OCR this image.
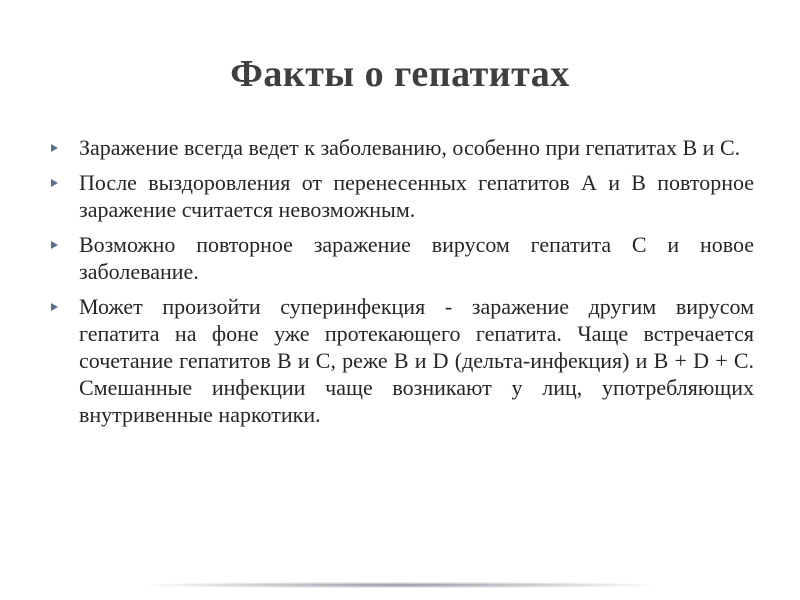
Факты о гепатитах
Заражение всегда ведет к заболеванию, особенно при гепатитах В и С.
После выздоровления от перенесенных гепатитов А и В повторное заражение считается невозможным.
Возможно повторное заражение вирусом гепатита С и новое заболевание.
Может произойти суперинфекция - заражение другим вирусом гепатита на фоне уже протекающего гепатита. Чаще встречается сочетание гепатитов В и С, реже В и D (дельта-инфекция) и В + D + C. Смешанные инфекции чаще возникают у лиц, употребляющих внутривенные наркотики.
